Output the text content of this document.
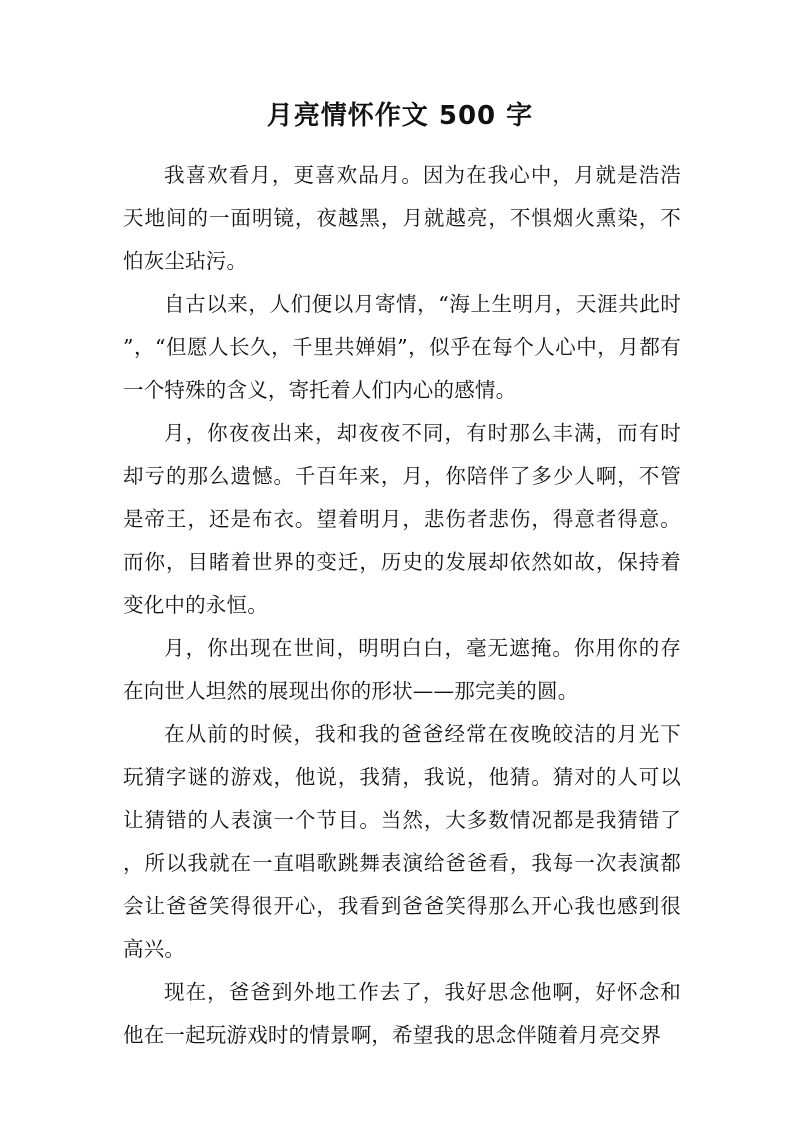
月亮情怀作文 500 字

我喜欢看月，更喜欢品月。因为在我心中，月就是浩浩天地间的一面明镜，夜越黑，月就越亮，不惧烟火熏染，不怕灰尘玷污。

自古以来，人们便以月寄情，“海上生明月，天涯共此时”，“但愿人长久，千里共婵娟”，似乎在每个人心中，月都有一个特殊的含义，寄托着人们内心的感情。

月，你夜夜出来，却夜夜不同，有时那么丰满，而有时却亏的那么遗憾。千百年来，月，你陪伴了多少人啊，不管是帝王，还是布衣。望着明月，悲伤者悲伤，得意者得意。而你，目睹着世界的变迁，历史的发展却依然如故，保持着变化中的永恒。

月，你出现在世间，明明白白，毫无遮掩。你用你的存在向世人坦然的展现出你的形状——那完美的圆。

在从前的时候，我和我的爸爸经常在夜晚皎洁的月光下玩猜字谜的游戏，他说，我猜，我说，他猜。猜对的人可以让猜错的人表演一个节目。当然，大多数情况都是我猜错了，所以我就在一直唱歌跳舞表演给爸爸看，我每一次表演都会让爸爸笑得很开心，我看到爸爸笑得那么开心我也感到很高兴。

现在，爸爸到外地工作去了，我好思念他啊，好怀念和他在一起玩游戏时的情景啊，希望我的思念伴随着月亮交界
